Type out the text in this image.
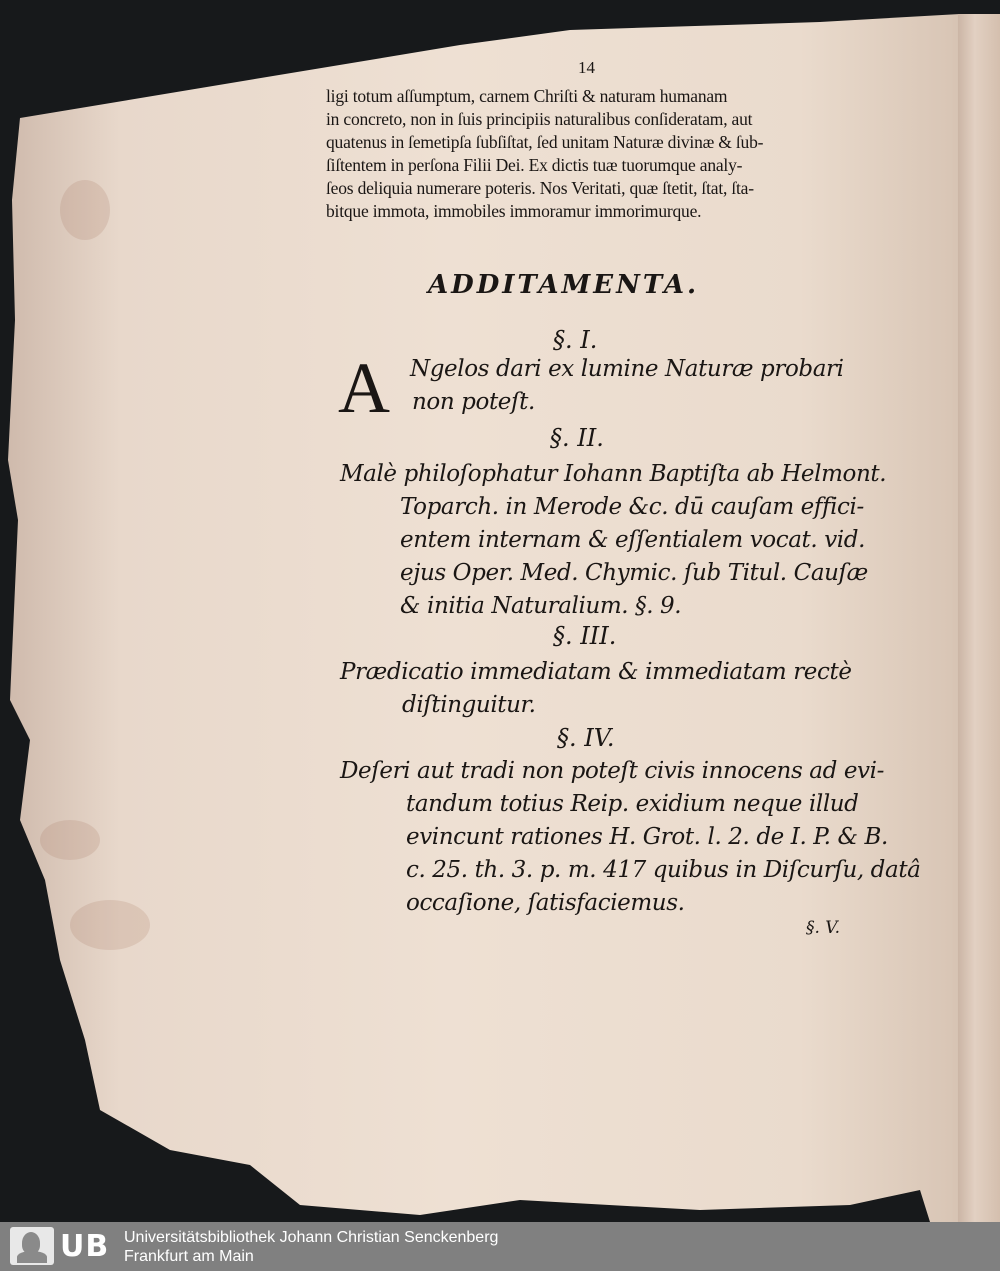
14
ligi totum aſſumptum, carnem Chriſti & naturam humanam
in concreto, non in ſuis principiis naturalibus conſideratam, aut
quatenus in ſemetipſa ſubſiſtat, ſed unitam Naturæ divinæ & ſub-
ſiſtentem in perſona Filii Dei. Ex dictis tuæ tuorumque analy-
ſeos deliquia numerare poteris. Nos Veritati, quæ ſtetit, ſtat, ſta-
bitque immota, immobiles immoramur immorimurque.
ADDITAMENTA.
§. I.
A Ngelos dari ex lumine Naturæ probari
non poteſt.
§. II.
Malè philoſophatur Iohann Baptiſta ab Helmont.
Toparch. in Merode &c. dū cauſam effici-
entem internam & eſſentialem vocat. vid.
ejus Oper. Med. Chymic. ſub Titul. Cauſæ
& initia Naturalium. §. 9.
§. III.
Prædicatio immediatam & immediatam rectè
diſtinguitur.
§. IV.
Deſeri aut tradi non poteſt civis innocens ad evi-
tandum totius Reip. exidium neque illud
evincunt rationes H. Grot. l. 2. de I. P. & B.
c. 25. th. 3. p. m. 417 quibus in Diſcurſu, datâ
occaſione, ſatisfaciemus.
§. V.
UB Universitätsbibliothek Johann Christian Senckenberg
Frankfurt am Main
